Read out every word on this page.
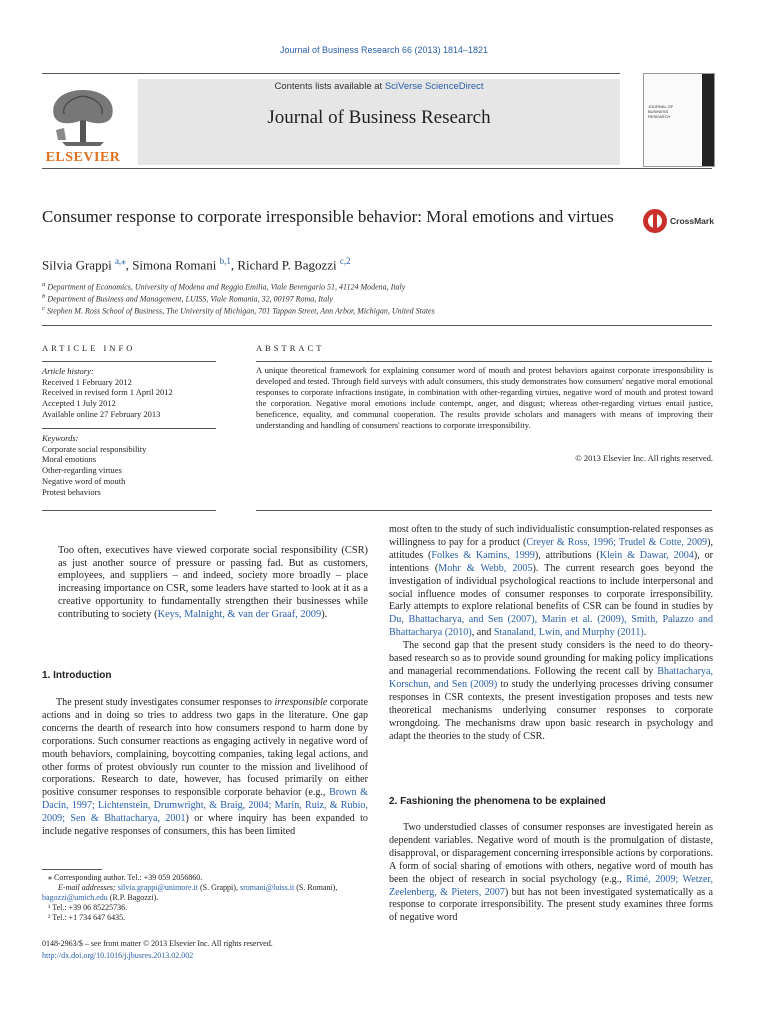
Journal of Business Research 66 (2013) 1814–1821
ELSEVIER
Contents lists available at SciVerse ScienceDirect
Journal of Business Research
JOURNAL OF BUSINESS RESEARCH
Consumer response to corporate irresponsible behavior: Moral emotions and virtues	CrossMark
Silvia Grappi $^{a,⁎}$, Simona Romani $^{b,1}$, Richard P. Bagozzi $^{c,2}$
$^a$ Department of Economics, University of Modena and Reggio Emilia, Viale Berengario 51, 41124 Modena, Italy
$^b$ Department of Business and Management, LUISS, Viale Romania, 32, 00197 Roma, Italy
$^c$ Stephen M. Ross School of Business, The University of Michigan, 701 Tappan Street, Ann Arbor, Michigan, United States
ARTICLE INFO
Article history:
Received 1 February 2012
Received in revised form 1 April 2012
Accepted 1 July 2012
Available online 27 February 2013
Keywords:
Corporate social responsibility
Moral emotions
Other-regarding virtues
Negative word of mouth
Protest behaviors
ABSTRACT
A unique theoretical framework for explaining consumer word of mouth and protest behaviors against corporate irresponsibility is developed and tested. Through field surveys with adult consumers, this study demonstrates how consumers' negative moral emotional responses to corporate infractions instigate, in combination with other-regarding virtues, negative word of mouth and protest toward the corporation. Negative moral emotions include contempt, anger, and disgust; whereas other-regarding virtues entail justice, beneficence, equality, and communal cooperation. The results provide scholars and managers with means of improving their understanding and handling of consumers' reactions to corporate irresponsibility.
© 2013 Elsevier Inc. All rights reserved.
Too often, executives have viewed corporate social responsibility (CSR) as just another source of pressure or passing fad. But as customers, employees, and suppliers – and indeed, society more broadly – place increasing importance on CSR, some leaders have started to look at it as a creative opportunity to fundamentally strengthen their businesses while contributing to society (Keys, Malnight, & van der Graaf, 2009).
1. Introduction

The present study investigates consumer responses to irresponsible corporate actions and in doing so tries to address two gaps in the literature. One gap concerns the dearth of research into how consumers respond to harm done by corporations. Such consumer reactions as engaging actively in negative word of mouth behaviors, complaining, boycotting companies, taking legal actions, and other forms of protest obviously run counter to the mission and livelihood of corporations. Research to date, however, has focused primarily on either positive consumer responses to responsible corporate behavior (e.g., Brown & Dacin, 1997; Lichtenstein, Drumwright, & Braig, 2004; Marin, Ruiz, & Rubio, 2009; Sen & Bhattacharya, 2001) or where inquiry has been expanded to include negative responses of consumers, this has been limited

⁎ Corresponding author. Tel.: +39 059 2056860.
E-mail addresses: silvia.grappi@unimore.it (S. Grappi), sromani@luiss.it (S. Romani),
bagozzi@umich.edu (R.P. Bagozzi).
¹ Tel.: +39 06 85225736.
² Tel.: +1 734 647 6435.
0148-2963/$ – see front matter © 2013 Elsevier Inc. All rights reserved.
http://dx.doi.org/10.1016/j.jbusres.2013.02.002

most often to the study of such individualistic consumption-related responses as willingness to pay for a product (Creyer & Ross, 1996; Trudel & Cotte, 2009), attitudes (Folkes & Kamins, 1999), attributions (Klein & Dawar, 2004), or intentions (Mohr & Webb, 2005). The current research goes beyond the investigation of individual psychological reactions to include interpersonal and social influence modes of consumer responses to corporate irresponsibility. Early attempts to explore relational benefits of CSR can be found in studies by Du, Bhattacharya, and Sen (2007), Marin et al. (2009), Smith, Palazzo and Bhattacharya (2010), and Stanaland, Lwin, and Murphy (2011).

The second gap that the present study considers is the need to do theory-based research so as to provide sound grounding for making policy implications and managerial recommendations. Following the recent call by Bhattacharya, Korschun, and Sen (2009) to study the underlying processes driving consumer responses in CSR contexts, the present investigation proposes and tests new theoretical mechanisms underlying consumer responses to corporate wrongdoing. The mechanisms draw upon basic research in psychology and adapt the theories to the study of CSR.

2. Fashioning the phenomena to be explained

Two understudied classes of consumer responses are investigated herein as dependent variables. Negative word of mouth is the promulgation of distaste, disapproval, or disparagement concerning irresponsible actions by corporations. A form of social sharing of emotions with others, negative word of mouth has been the object of research in social psychology (e.g., Rimé, 2009; Wetzer, Zeelenberg, & Pieters, 2007) but has not been investigated systematically as a response to corporate irresponsibility. The present study examines three forms of negative word
